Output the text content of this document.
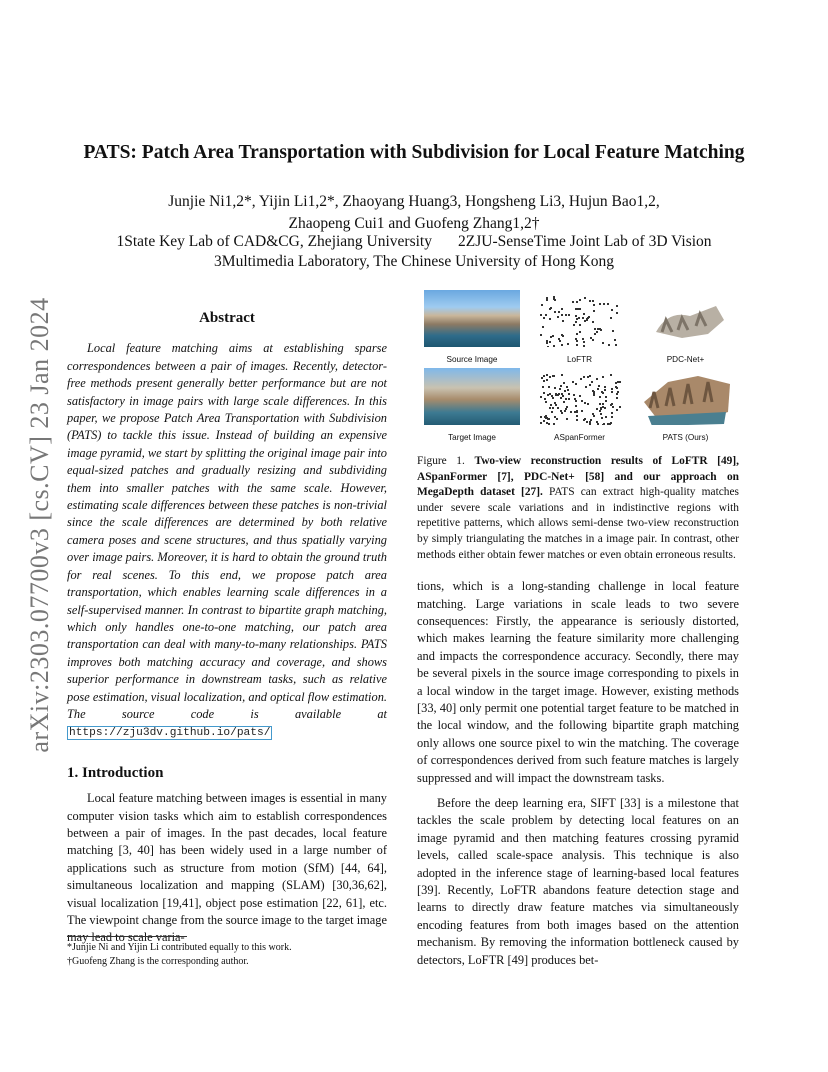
arXiv:2303.07700v3 [cs.CV] 23 Jan 2024
PATS: Patch Area Transportation with Subdivision for Local Feature Matching
Junjie Ni1,2*, Yijin Li1,2*, Zhaoyang Huang3, Hongsheng Li3, Hujun Bao1,2,
Zhaopeng Cui1 and Guofeng Zhang1,2†
1State Key Lab of CAD&CG, Zhejiang University 2ZJU-SenseTime Joint Lab of 3D Vision
3Multimedia Laboratory, The Chinese University of Hong Kong
Abstract

Local feature matching aims at establishing sparse correspondences between a pair of images. Recently, detector-free methods present generally better performance but are not satisfactory in image pairs with large scale differences. In this paper, we propose Patch Area Transportation with Subdivision (PATS) to tackle this issue. Instead of building an expensive image pyramid, we start by splitting the original image pair into equal-sized patches and gradually resizing and subdividing them into smaller patches with the same scale. However, estimating scale differences between these patches is non-trivial since the scale differences are determined by both relative camera poses and scene structures, and thus spatially varying over image pairs. Moreover, it is hard to obtain the ground truth for real scenes. To this end, we propose patch area transportation, which enables learning scale differences in a self-supervised manner. In contrast to bipartite graph matching, which only handles one-to-one matching, our patch area transportation can deal with many-to-many relationships. PATS improves both matching accuracy and coverage, and shows superior performance in downstream tasks, such as relative pose estimation, visual localization, and optical flow estimation. The source code is available at https://zju3dv.github.io/pats/

1. Introduction

Local feature matching between images is essential in many computer vision tasks which aim to establish correspondences between a pair of images. In the past decades, local feature matching [3, 40] has been widely used in a large number of applications such as structure from motion (SfM) [44, 64], simultaneous localization and mapping (SLAM) [30,36,62], visual localization [19,41], object pose estimation [22, 61], etc. The viewpoint change from the source image to the target image may lead to scale varia-

*Junjie Ni and Yijin Li contributed equally to this work.
†Guofeng Zhang is the corresponding author.
Source Image	LoFTR	PDC-Net+
Target Image	ASpanFormer	PATS (Ours)
Figure 1. Two-view reconstruction results of LoFTR [49], ASpanFormer [7], PDC-Net+ [58] and our approach on MegaDepth dataset [27]. PATS can extract high-quality matches under severe scale variations and in indistinctive regions with repetitive patterns, which allows semi-dense two-view reconstruction by simply triangulating the matches in a image pair. In contrast, other methods either obtain fewer matches or even obtain erroneous results.

tions, which is a long-standing challenge in local feature matching. Large variations in scale leads to two severe consequences: Firstly, the appearance is seriously distorted, which makes learning the feature similarity more challenging and impacts the correspondence accuracy. Secondly, there may be several pixels in the source image corresponding to pixels in a local window in the target image. However, existing methods [33, 40] only permit one potential target feature to be matched in the local window, and the following bipartite graph matching only allows one source pixel to win the matching. The coverage of correspondences derived from such feature matches is largely suppressed and will impact the downstream tasks.

Before the deep learning era, SIFT [33] is a milestone that tackles the scale problem by detecting local features on an image pyramid and then matching features crossing pyramid levels, called scale-space analysis. This technique is also adopted in the inference stage of learning-based local features [39]. Recently, LoFTR abandons feature detection stage and learns to directly draw feature matches via simultaneously encoding features from both images based on the attention mechanism. By removing the information bottleneck caused by detectors, LoFTR [49] produces bet-
